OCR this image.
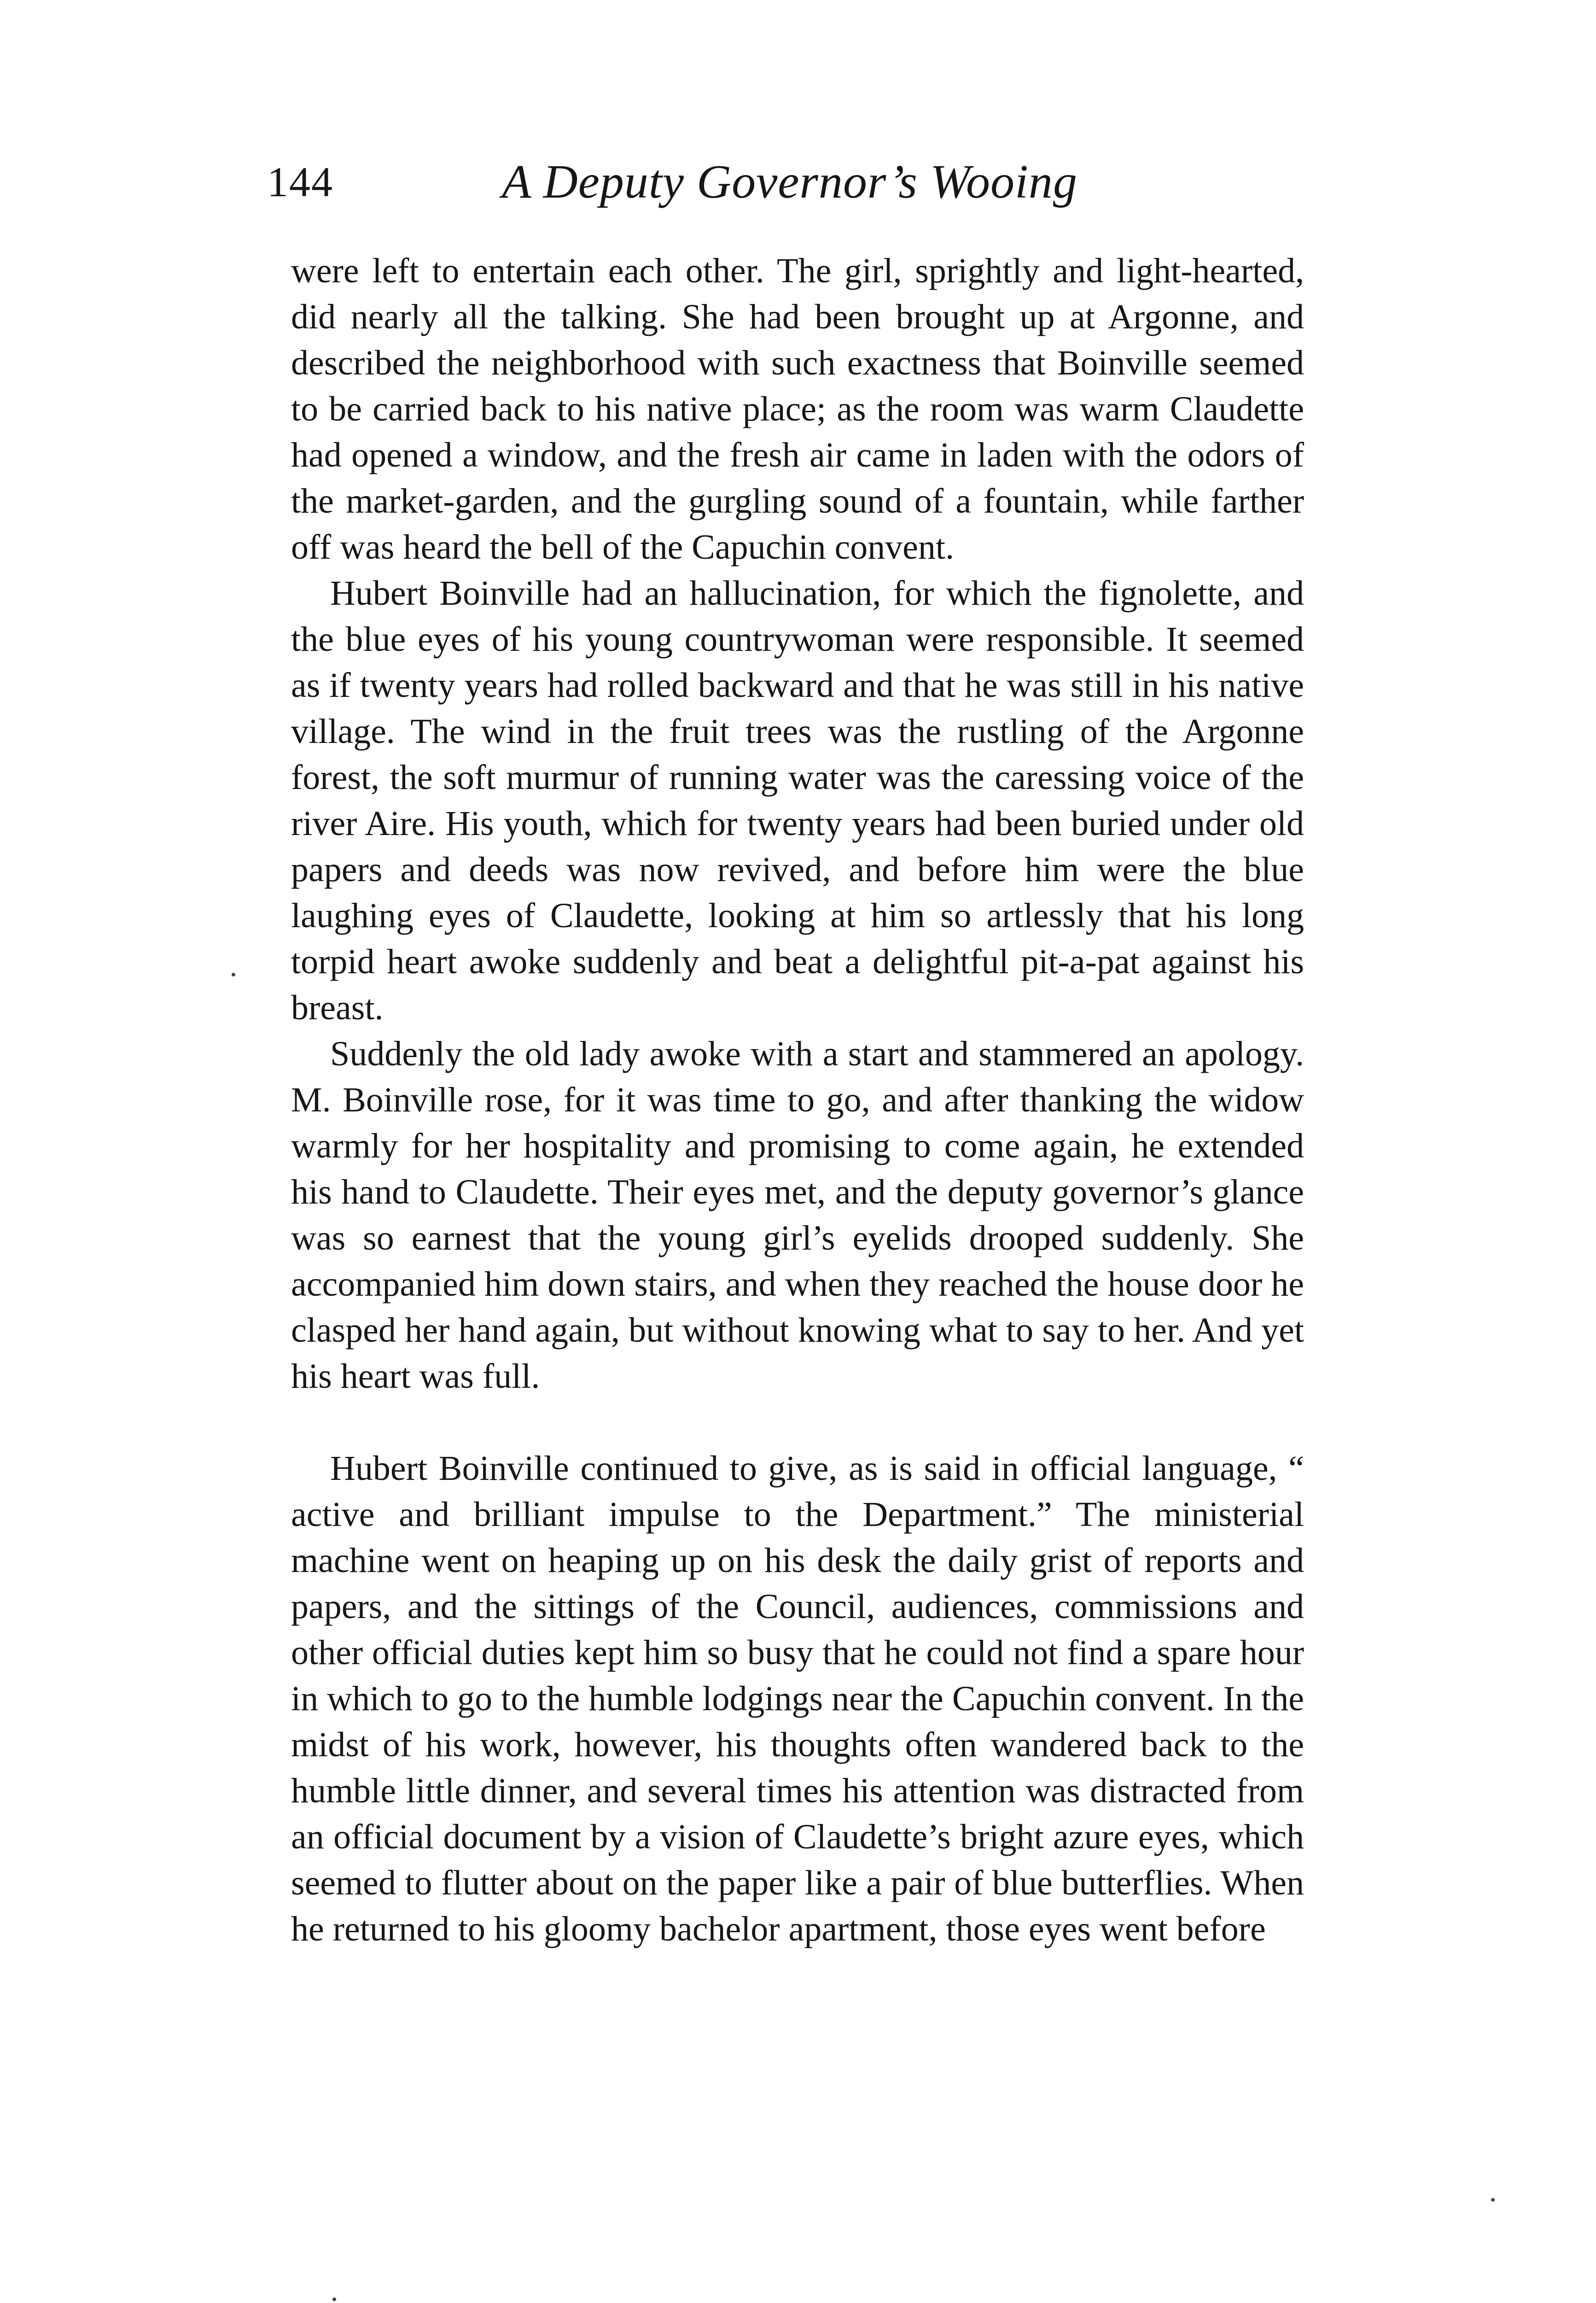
144	A Deputy Governor’s Wooing

were left to entertain each other. The girl, sprightly and light-hearted, did nearly all the talking. She had been brought up at Argonne, and described the neighborhood with such exactness that Boinville seemed to be carried back to his native place; as the room was warm Claudette had opened a window, and the fresh air came in laden with the odors of the market-garden, and the gurgling sound of a fountain, while farther off was heard the bell of the Capuchin convent.

Hubert Boinville had an hallucination, for which the fignolette, and the blue eyes of his young countrywoman were responsible. It seemed as if twenty years had rolled backward and that he was still in his native village. The wind in the fruit trees was the rustling of the Argonne forest, the soft murmur of running water was the caressing voice of the river Aire. His youth, which for twenty years had been buried under old papers and deeds was now revived, and before him were the blue laughing eyes of Claudette, looking at him so artlessly that his long torpid heart awoke suddenly and beat a delightful pit-a-pat against his breast.

Suddenly the old lady awoke with a start and stammered an apology. M. Boinville rose, for it was time to go, and after thanking the widow warmly for her hospitality and promising to come again, he extended his hand to Claudette. Their eyes met, and the deputy governor’s glance was so earnest that the young girl’s eyelids drooped suddenly. She accompanied him down stairs, and when they reached the house door he clasped her hand again, but without knowing what to say to her. And yet his heart was full.

Hubert Boinville continued to give, as is said in official language, “ active and brilliant impulse to the Department.” The ministerial machine went on heaping up on his desk the daily grist of reports and papers, and the sittings of the Council, audiences, commissions and other official duties kept him so busy that he could not find a spare hour in which to go to the humble lodgings near the Capuchin convent. In the midst of his work, however, his thoughts often wandered back to the humble little dinner, and several times his attention was distracted from an official document by a vision of Claudette’s bright azure eyes, which seemed to flutter about on the paper like a pair of blue butterflies. When he returned to his gloomy bachelor apartment, those eyes went before
